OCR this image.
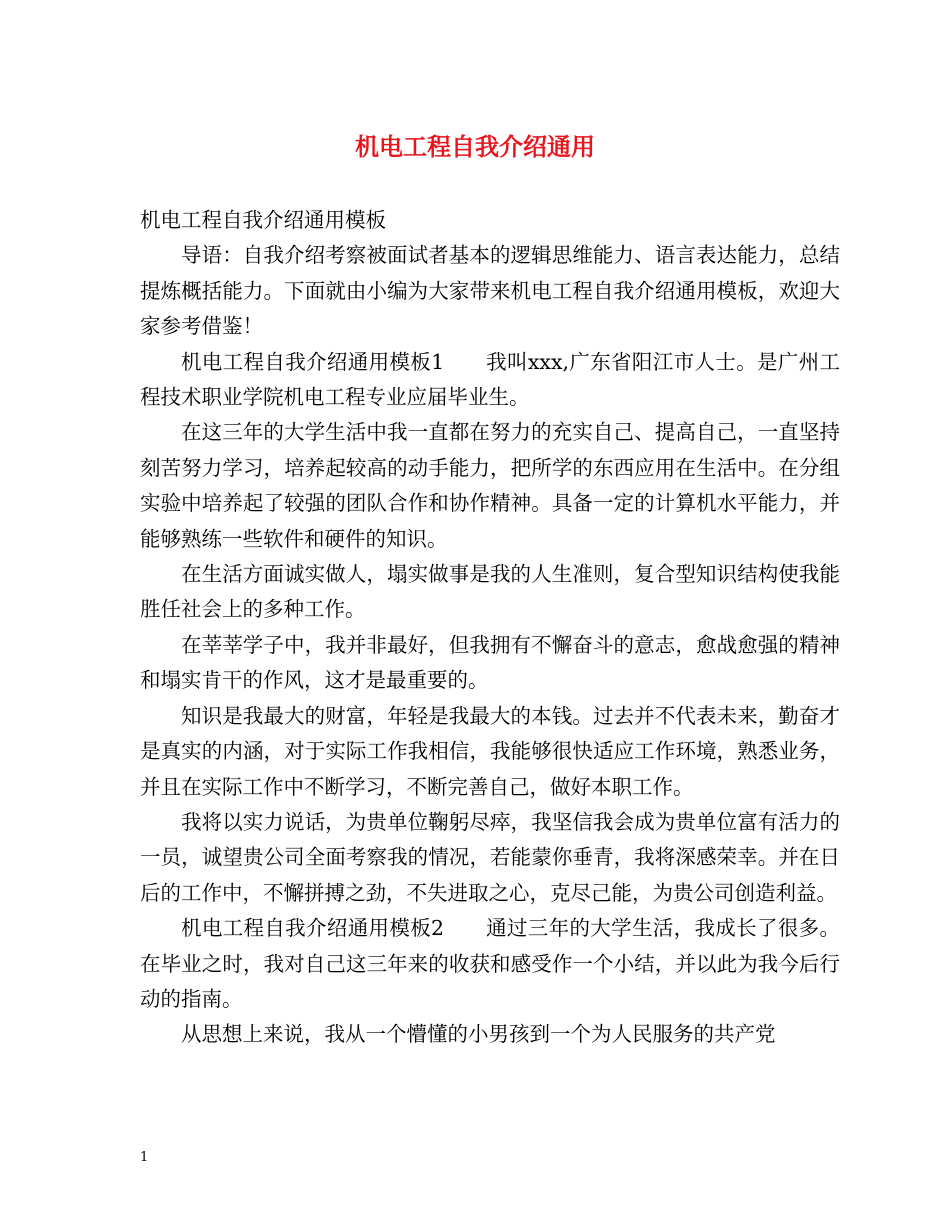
机电工程自我介绍通用

机电工程自我介绍通用模板

导语：自我介绍考察被面试者基本的逻辑思维能力、语言表达能力，总结提炼概括能力。下面就由小编为大家带来机电工程自我介绍通用模板，欢迎大家参考借鉴！

机电工程自我介绍通用模板1　　我叫xxx,广东省阳江市人士。是广州工程技术职业学院机电工程专业应届毕业生。

在这三年的大学生活中我一直都在努力的充实自己、提高自己，一直坚持刻苦努力学习，培养起较高的动手能力，把所学的东西应用在生活中。在分组实验中培养起了较强的团队合作和协作精神。具备一定的计算机水平能力，并能够熟练一些软件和硬件的知识。

在生活方面诚实做人，塌实做事是我的人生准则，复合型知识结构使我能胜任社会上的多种工作。

在莘莘学子中，我并非最好，但我拥有不懈奋斗的意志，愈战愈强的精神和塌实肯干的作风，这才是最重要的。

知识是我最大的财富，年轻是我最大的本钱。过去并不代表未来，勤奋才是真实的内涵，对于实际工作我相信，我能够很快适应工作环境，熟悉业务，并且在实际工作中不断学习，不断完善自己，做好本职工作。

我将以实力说话，为贵单位鞠躬尽瘁，我坚信我会成为贵单位富有活力的一员，诚望贵公司全面考察我的情况，若能蒙你垂青，我将深感荣幸。并在日后的工作中，不懈拼搏之劲，不失进取之心，克尽己能，为贵公司创造利益。

机电工程自我介绍通用模板2　　通过三年的大学生活，我成长了很多。在毕业之时，我对自己这三年来的收获和感受作一个小结，并以此为我今后行动的指南。

从思想上来说，我从一个懵懂的小男孩到一个为人民服务的共产党

1
